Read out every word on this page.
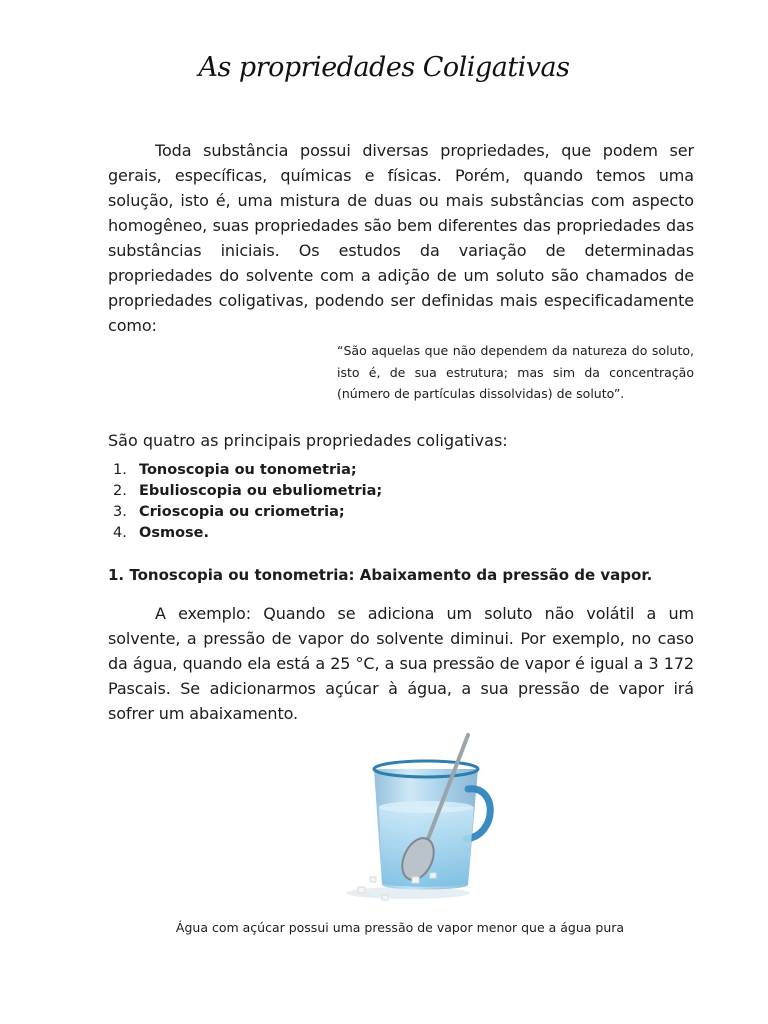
As propriedades Coligativas
Toda substância possui diversas propriedades, que podem ser gerais, específicas, químicas e físicas. Porém, quando temos uma solução, isto é, uma mistura de duas ou mais substâncias com aspecto homogêneo, suas propriedades são bem diferentes das propriedades das substâncias iniciais. Os estudos da variação de determinadas propriedades do solvente com a adição de um soluto são chamados de propriedades coligativas, podendo ser definidas mais especificadamente como:
“São aquelas que não dependem da natureza do soluto, isto é, de sua estrutura; mas sim da concentração (número de partículas dissolvidas) de soluto”.
São quatro as principais propriedades coligativas:
1. Tonoscopia ou tonometria;
2. Ebulioscopia ou ebuliometria;
3. Crioscopia ou criometria;
4. Osmose.
1. Tonoscopia ou tonometria: Abaixamento da pressão de vapor.
A exemplo: Quando se adiciona um soluto não volátil a um solvente, a pressão de vapor do solvente diminui. Por exemplo, no caso da água, quando ela está a 25 °C, a sua pressão de vapor é igual a 3 172 Pascais. Se adicionarmos açúcar à água, a sua pressão de vapor irá sofrer um abaixamento.
Água com açúcar possui uma pressão de vapor menor que a água pura
